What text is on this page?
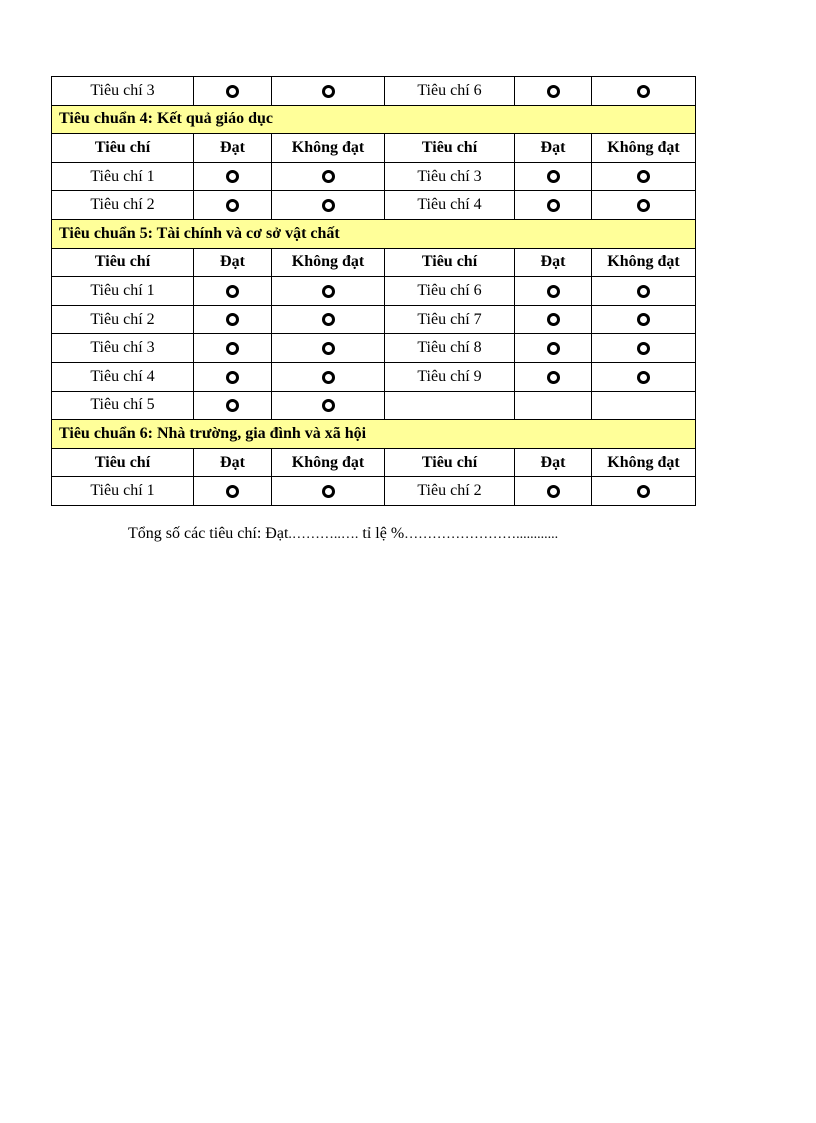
Tiêu chí 3			Tiêu chí 6		
Tiêu chuẩn 4: Kết quả giáo dục					
Tiêu chí	Đạt	Không đạt	Tiêu chí	Đạt	Không đạt
Tiêu chí 1			Tiêu chí 3		
Tiêu chí 2			Tiêu chí 4		
Tiêu chuẩn 5: Tài chính và cơ sở vật chất					
Tiêu chí	Đạt	Không đạt	Tiêu chí	Đạt	Không đạt
Tiêu chí 1			Tiêu chí 6		
Tiêu chí 2			Tiêu chí 7		
Tiêu chí 3			Tiêu chí 8		
Tiêu chí 4			Tiêu chí 9		
Tiêu chí 5					
Tiêu chuẩn 6: Nhà trường, gia đình và xã hội					
Tiêu chí	Đạt	Không đạt	Tiêu chí	Đạt	Không đạt
Tiêu chí 1			Tiêu chí 2		
Tổng số các tiêu chí: Đạt.………..…. tỉ lệ %……………………............
